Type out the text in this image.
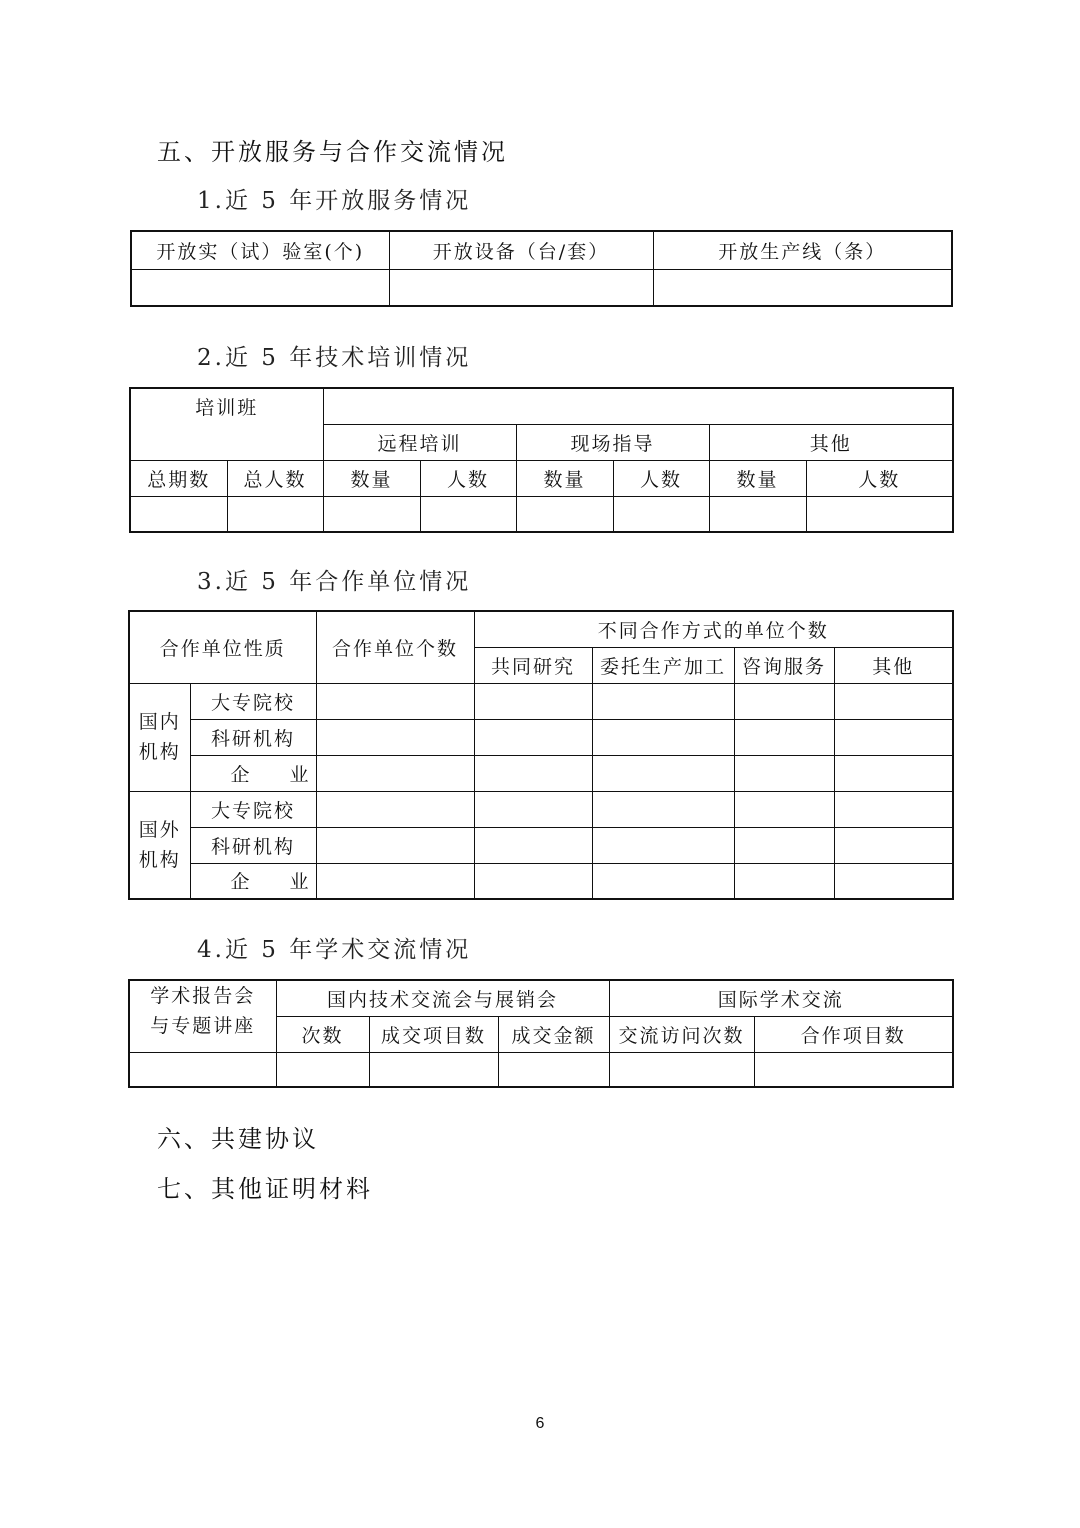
五、开放服务与合作交流情况
1.近 5 年开放服务情况
开放实（试）验室(个)	开放设备（台/套）	开放生产线（条）

2.近 5 年技术培训情况
培训班							
		远程培训		现场指导		其他	
总期数	总人数	数量	人数	数量	人数	数量	人数

3.近 5 年合作单位情况
合作单位性质		合作单位个数	不同合作方式的单位个数			
			共同研究	委托生产加工	咨询服务	其他
国内机构	大专院校					
	科研机构					
	企业					
国外机构	大专院校					
	科研机构					
	企业					
4.近 5 年学术交流情况
学术报告会与专题讲座	国内技术交流会与展销会			国际学术交流	
	次数	成交项目数	成交金额	交流访问次数	合作项目数

六、共建协议
七、其他证明材料
6
